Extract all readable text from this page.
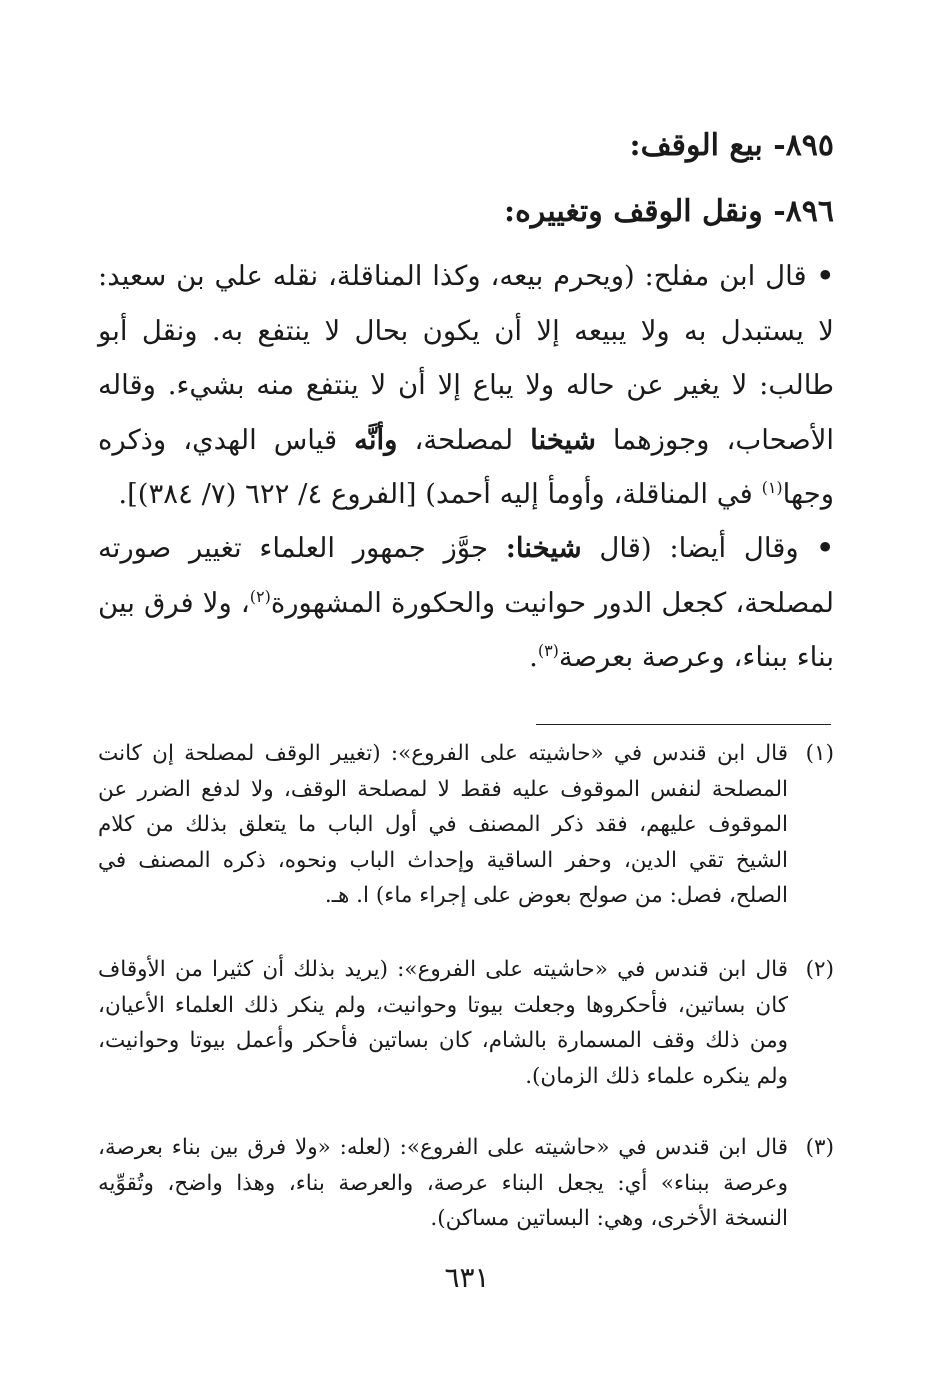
٨٩٥- بيع الوقف:
٨٩٦- ونقل الوقف وتغييره:
• قال ابن مفلح: (ويحرم بيعه، وكذا المناقلة، نقله علي بن سعيد: لا يستبدل به ولا يبيعه إلا أن يكون بحال لا ينتفع به. ونقل أبو طالب: لا يغير عن حاله ولا يباع إلا أن لا ينتفع منه بشيء. وقاله الأصحاب، وجوزهما شيخنا لمصلحة، وأنَّه قياس الهدي، وذكره وجها$^{(١)}$ في المناقلة، وأومأ إليه أحمد) [الفروع ٤/ ٦٢٢ (٧/ ٣٨٤)].
• وقال أيضا: (قال شيخنا: جوَّز جمهور العلماء تغيير صورته لمصلحة، كجعل الدور حوانيت والحكورة المشهورة$^{(٢)}$، ولا فرق بين بناء ببناء، وعرصة بعرصة$^{(٣)}$.
(١)
قال ابن قندس في «حاشيته على الفروع»: (تغيير الوقف لمصلحة إن كانت المصلحة لنفس الموقوف عليه فقط لا لمصلحة الوقف، ولا لدفع الضرر عن الموقوف عليهم، فقد ذكر المصنف في أول الباب ما يتعلق بذلك من كلام الشيخ تقي الدين، وحفر الساقية وإحداث الباب ونحوه، ذكره المصنف في الصلح، فصل: من صولح بعوض على إجراء ماء) ا. هـ.
(٢)
قال ابن قندس في «حاشيته على الفروع»: (يريد بذلك أن كثيرا من الأوقاف كان بساتين، فأحكروها وجعلت بيوتا وحوانيت، ولم ينكر ذلك العلماء الأعيان، ومن ذلك وقف المسمارة بالشام، كان بساتين فأحكر وأعمل بيوتا وحوانيت، ولم ينكره علماء ذلك الزمان).
(٣)
قال ابن قندس في «حاشيته على الفروع»: (لعله: «ولا فرق بين بناء بعرصة، وعرصة ببناء» أي: يجعل البناء عرصة، والعرصة بناء، وهذا واضح، وتُقوِّيه النسخة الأخرى، وهي: البساتين مساكن).
٦٣١
